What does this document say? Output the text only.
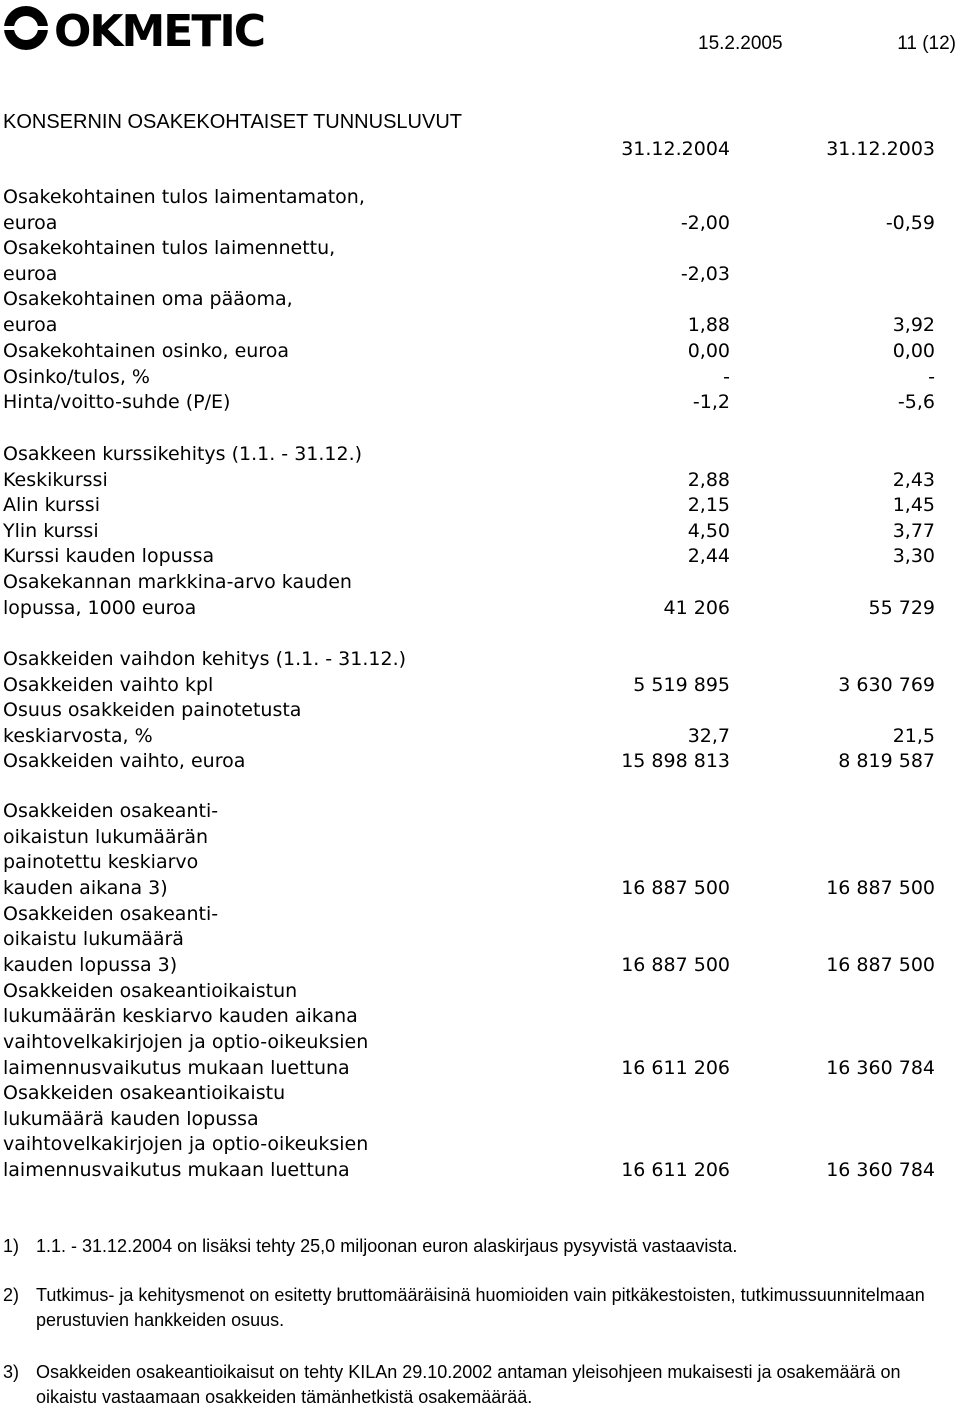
OKMETIC	15.2.2005	11 (12)
KONSERNIN OSAKEKOHTAISET TUNNUSLUVUT
31.12.2004	31.12.2003
Osakekohtainen tulos laimentamaton,
euroa	-2,00	-0,59
Osakekohtainen tulos laimennettu,
euroa	-2,03
Osakekohtainen oma pääoma,
euroa	1,88	3,92
Osakekohtainen osinko, euroa	0,00	0,00
Osinko/tulos, %	-	-
Hinta/voitto-suhde (P/E)	-1,2	-5,6
Osakkeen kurssikehitys (1.1. - 31.12.)
Keskikurssi	2,88	2,43
Alin kurssi	2,15	1,45
Ylin kurssi	4,50	3,77
Kurssi kauden lopussa	2,44	3,30
Osakekannan markkina-arvo kauden
lopussa, 1000 euroa	41 206	55 729
Osakkeiden vaihdon kehitys (1.1. - 31.12.)
Osakkeiden vaihto kpl	5 519 895	3 630 769
Osuus osakkeiden painotetusta
keskiarvosta, %	32,7	21,5
Osakkeiden vaihto, euroa	15 898 813	8 819 587
Osakkeiden osakeanti-
oikaistun lukumäärän
painotettu keskiarvo
kauden aikana 3)	16 887 500	16 887 500
Osakkeiden osakeanti-
oikaistu lukumäärä
kauden lopussa 3)	16 887 500	16 887 500
Osakkeiden osakeantioikaistun
lukumäärän keskiarvo kauden aikana
vaihtovelkakirjojen ja optio-oikeuksien
laimennusvaikutus mukaan luettuna	16 611 206	16 360 784
Osakkeiden osakeantioikaistu
lukumäärä kauden lopussa
vaihtovelkakirjojen ja optio-oikeuksien
laimennusvaikutus mukaan luettuna	16 611 206	16 360 784
1) 1.1. - 31.12.2004 on lisäksi tehty 25,0 miljoonan euron alaskirjaus pysyvistä vastaavista.
2) Tutkimus- ja kehitysmenot on esitetty bruttomääräisinä huomioiden vain pitkäkestoisten, tutkimussuunnitelmaan perustuvien hankkeiden osuus.
3) Osakkeiden osakeantioikaisut on tehty KILAn 29.10.2002 antaman yleisohjeen mukaisesti ja osakemäärä on oikaistu vastaamaan osakkeiden tämänhetkistä osakemäärää.
